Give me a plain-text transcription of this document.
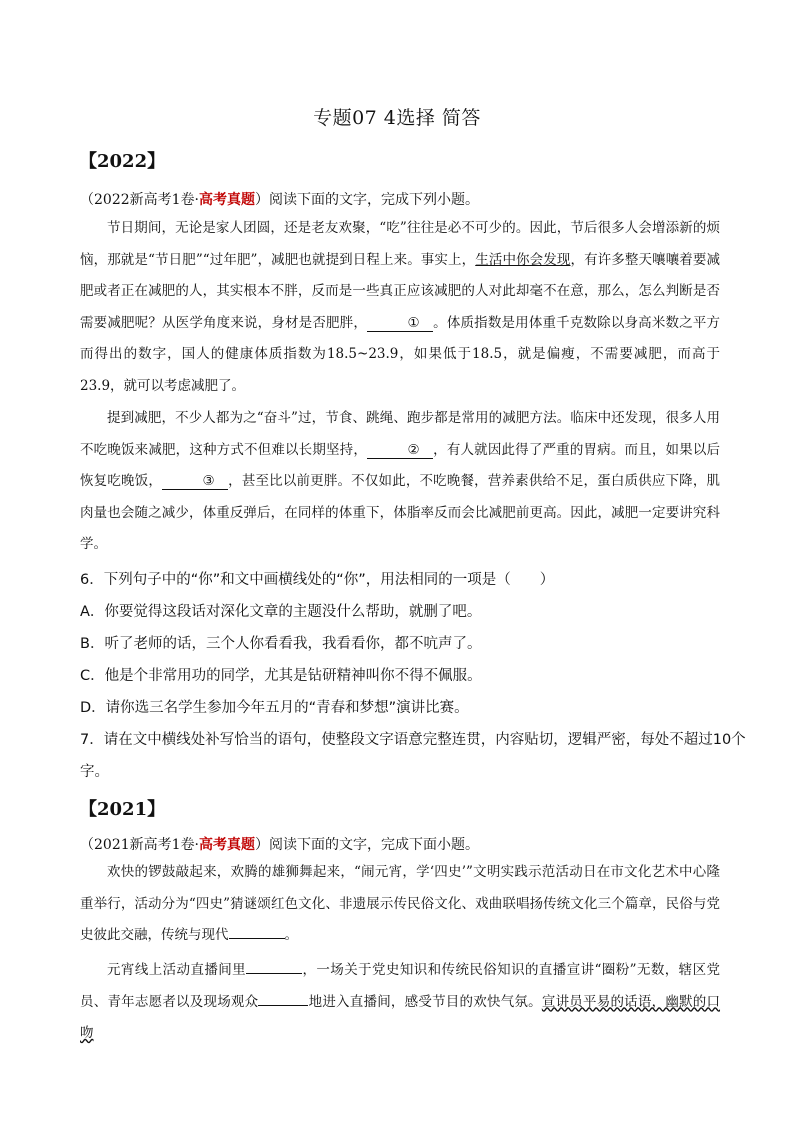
专题07 4选择 简答
【2022】
（2022新高考1卷·高考真题）阅读下面的文字，完成下列小题。
节日期间，无论是家人团圆，还是老友欢聚，“吃”往往是必不可少的。因此，节后很多人会增添新的烦恼，那就是“节日肥”“过年肥”，减肥也就提到日程上来。事实上，生活中你会发现，有许多整天嚷嚷着要减肥或者正在减肥的人，其实根本不胖，反而是一些真正应该减肥的人对此却毫不在意，那么，怎么判断是否需要减肥呢？从医学角度来说，身材是否肥胖，	① 。体质指数是用体重千克数除以身高米数之平方而得出的数字，国人的健康体质指数为18.5~23.9，如果低于18.5，就是偏瘦，不需要减肥，而高于23.9，就可以考虑减肥了。
提到减肥，不少人都为之“奋斗”过，节食、跳绳、跑步都是常用的减肥方法。临床中还发现，很多人用不吃晚饭来减肥，这种方式不但难以长期坚持，	② ，有人就因此得了严重的胃病。而且，如果以后恢复吃晚饭，	③ ，甚至比以前更胖。不仅如此，不吃晚餐，营养素供给不足，蛋白质供应下降，肌肉量也会随之减少，体重反弹后，在同样的体重下，体脂率反而会比减肥前更高。因此，减肥一定要讲究科学。
6．下列句子中的“你”和文中画横线处的“你”，用法相同的一项是（　　）
A．你要觉得这段话对深化文章的主题没什么帮助，就删了吧。
B．听了老师的话，三个人你看看我，我看看你，都不吭声了。
C．他是个非常用功的同学，尤其是钻研精神叫你不得不佩服。
D．请你选三名学生参加今年五月的“青春和梦想”演讲比赛。
7．请在文中横线处补写恰当的语句，使整段文字语意完整连贯，内容贴切，逻辑严密，每处不超过10个
字。
【2021】
（2021新高考1卷·高考真题）阅读下面的文字，完成下面小题。
欢快的锣鼓敲起来，欢腾的雄狮舞起来，“闹元宵，学‘四史’”文明实践示范活动日在市文化艺术中心隆重举行，活动分为“四史”猜谜颂红色文化、非遗展示传民俗文化、戏曲联唱扬传统文化三个篇章，民俗与党史彼此交融，传统与现代	。
元宵线上活动直播间里	，一场关于党史知识和传统民俗知识的直播宣讲“圈粉”无数，辖区党员、青年志愿者以及现场观众	地进入直播间，感受节目的欢快气氛。宣讲员平易的话语，幽默的口吻
